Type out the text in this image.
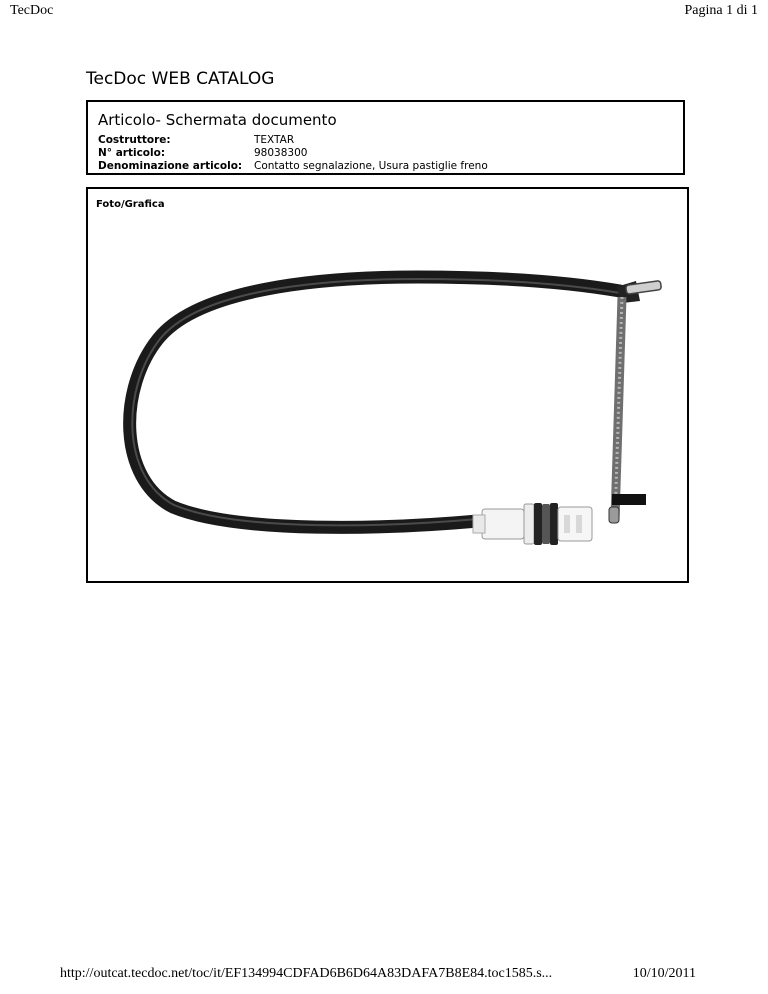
TecDoc	Pagina 1 di 1
TecDoc WEB CATALOG
Articolo- Schermata documento
Costruttore:	TEXTAR
N° articolo:	98038300
Denominazione articolo:	Contatto segnalazione, Usura pastiglie freno
Foto/Grafica
http://outcat.tecdoc.net/toc/it/EF134994CDFAD6B6D64A83DAFA7B8E84.toc1585.s...	10/10/2011
